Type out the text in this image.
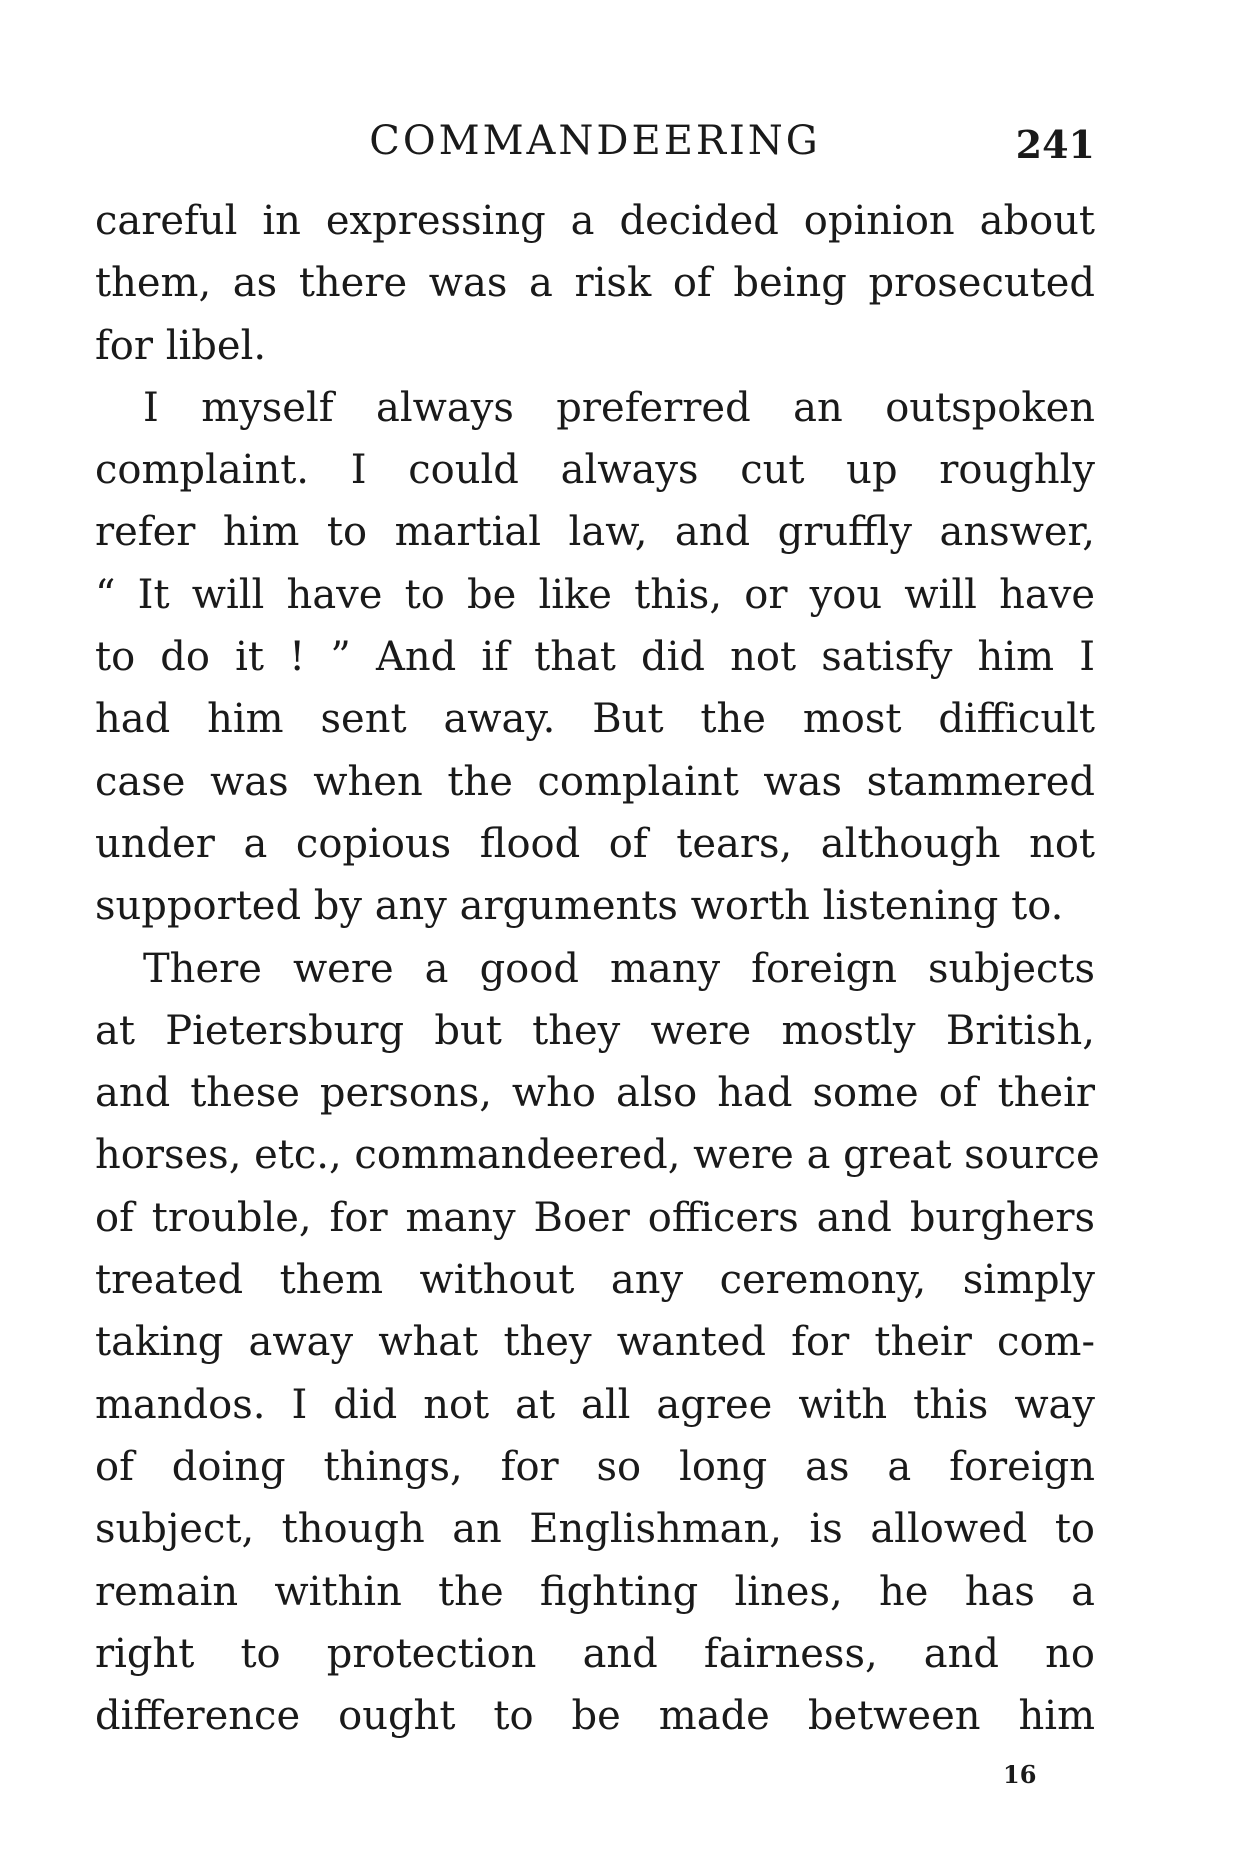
COMMANDEERING	241
careful in expressing a decided opinion about
them, as there was a risk of being prosecuted
for libel.
I myself always preferred an outspoken
complaint. I could always cut up roughly
refer him to martial law, and gruffly answer,
“ It will have to be like this, or you will have
to do it ! ” And if that did not satisfy him I
had him sent away. But the most difficult
case was when the complaint was stammered
under a copious flood of tears, although not
supported by any arguments worth listening to.
There were a good many foreign subjects
at Pietersburg but they were mostly British,
and these persons, who also had some of their
horses, etc., commandeered, were a great source
of trouble, for many Boer officers and burghers
treated them without any ceremony, simply
taking away what they wanted for their com-
mandos. I did not at all agree with this way
of doing things, for so long as a foreign
subject, though an Englishman, is allowed to
remain within the fighting lines, he has a
right to protection and fairness, and no
difference ought to be made between him
16
